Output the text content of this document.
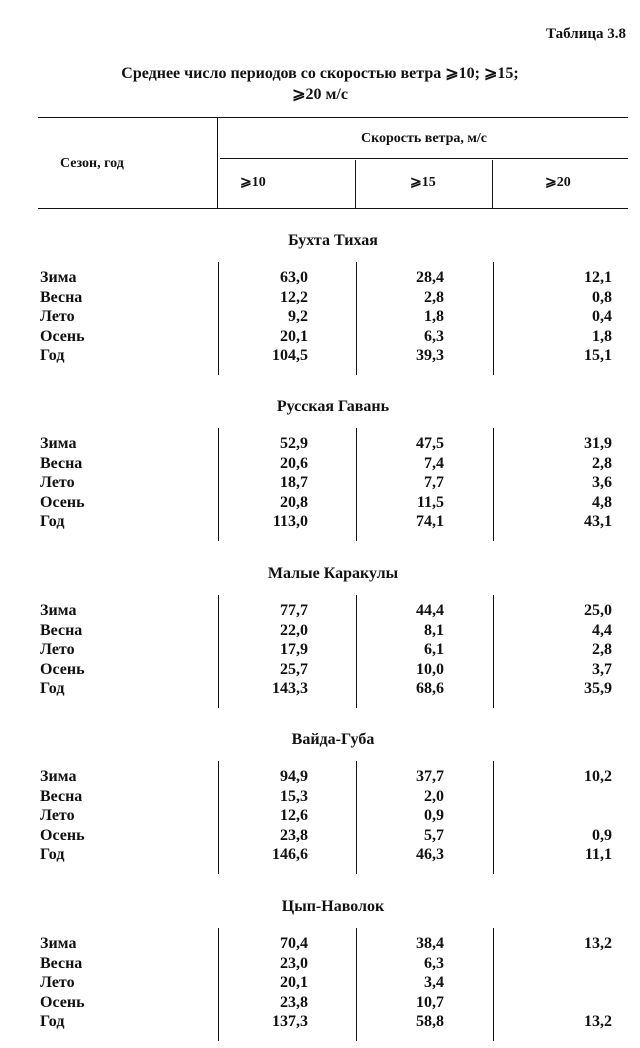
Таблица 3.8
Среднее число периодов со скоростью ветра ⩾10; ⩾15;
⩾20 м/с
Сезон, год
Скорость ветра, м/с
⩾10	⩾15	⩾20
Бухта Тихая
Зима	63,0	28,4	12,1
Весна	12,2	2,8	0,8
Лето	9,2	1,8	0,4
Осень	20,1	6,3	1,8
Год	104,5	39,3	15,1
Русская Гавань
Зима	52,9	47,5	31,9
Весна	20,6	7,4	2,8
Лето	18,7	7,7	3,6
Осень	20,8	11,5	4,8
Год	113,0	74,1	43,1
Малые Каракулы
Зима	77,7	44,4	25,0
Весна	22,0	8,1	4,4
Лето	17,9	6,1	2,8
Осень	25,7	10,0	3,7
Год	143,3	68,6	35,9
Вайда-Губа
Зима	94,9	37,7	10,2
Весна	15,3	2,0
Лето	12,6	0,9
Осень	23,8	5,7	0,9
Год	146,6	46,3	11,1
Цып-Наволок
Зима	70,4	38,4	13,2
Весна	23,0	6,3
Лето	20,1	3,4
Осень	23,8	10,7
Год	137,3	58,8	13,2
